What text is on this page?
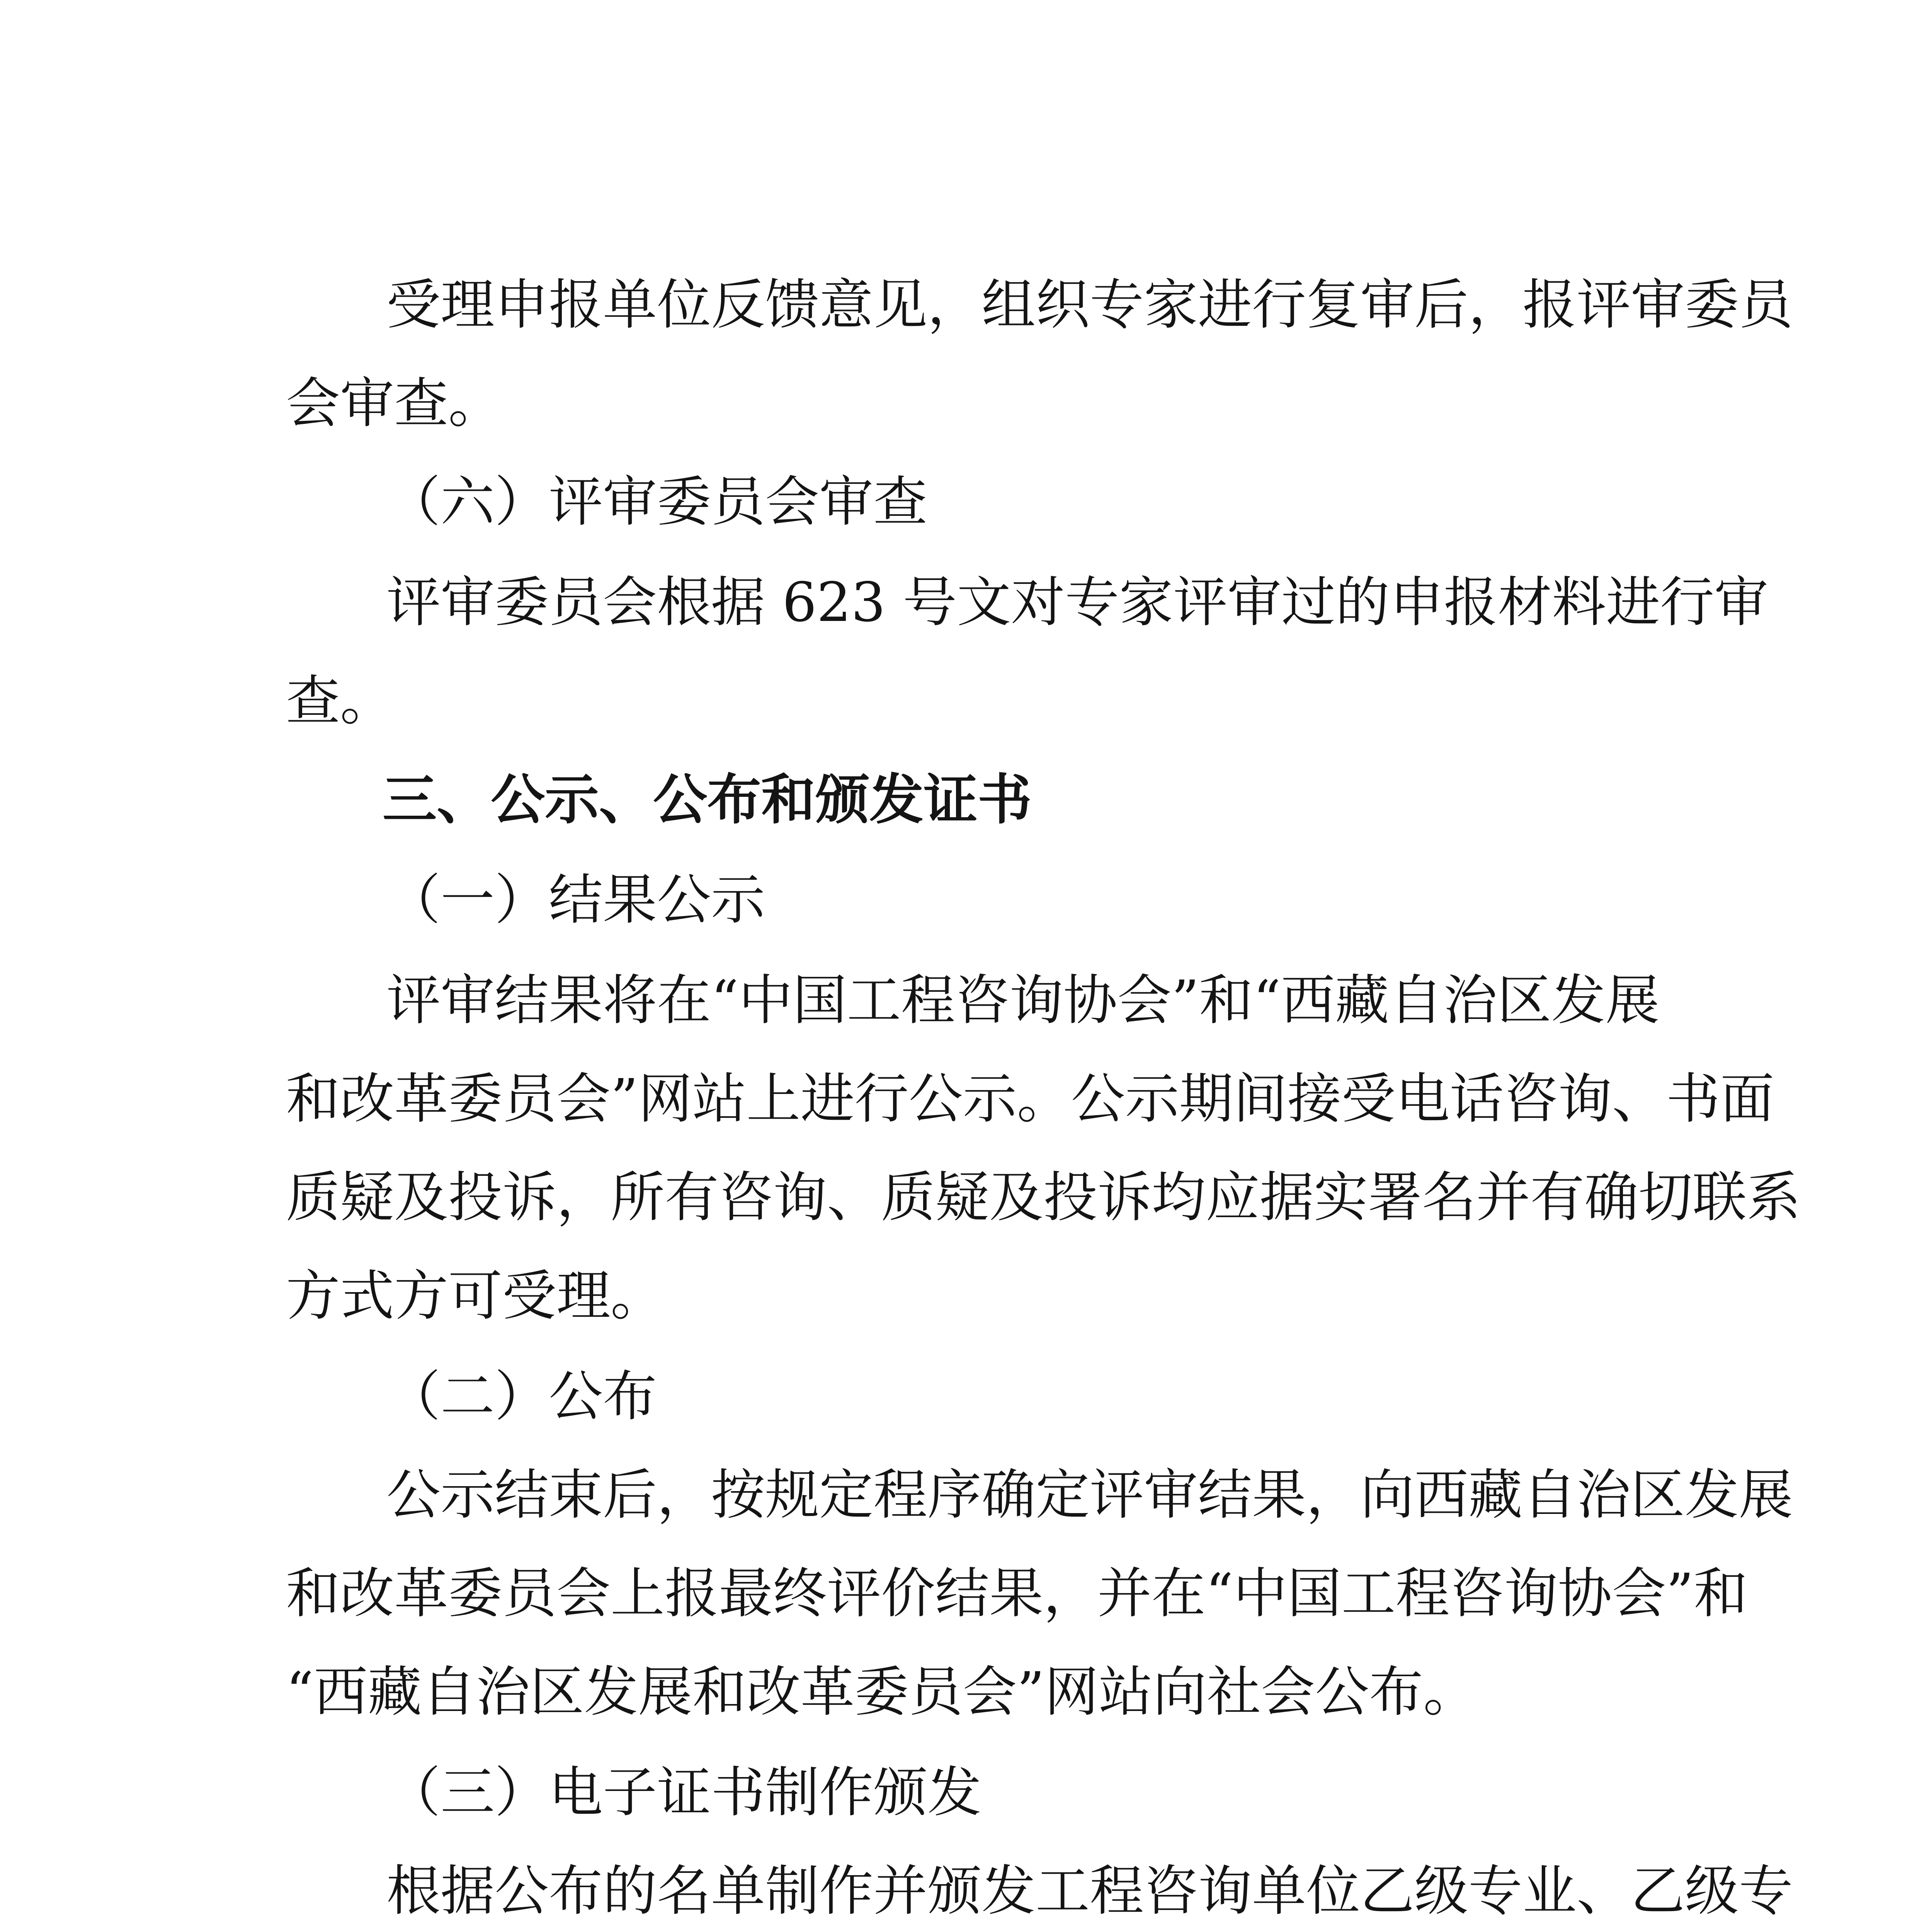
受理申报单位反馈意见，组织专家进行复审后，报评审委员
会审查。
（六）评审委员会审查
评审委员会根据 623 号文对专家评审过的申报材料进行审
查。
三、公示、公布和颁发证书
（一）结果公示
评审结果将在“中国工程咨询协会”和“西藏自治区发展
和改革委员会”网站上进行公示。公示期间接受电话咨询、书面
质疑及投诉，所有咨询、质疑及投诉均应据实署名并有确切联系
方式方可受理。
（二）公布
公示结束后，按规定程序确定评审结果，向西藏自治区发展
和改革委员会上报最终评价结果，并在“中国工程咨询协会”和
“西藏自治区发展和改革委员会”网站向社会公布。
（三）电子证书制作颁发
根据公布的名单制作并颁发工程咨询单位乙级专业、乙级专
